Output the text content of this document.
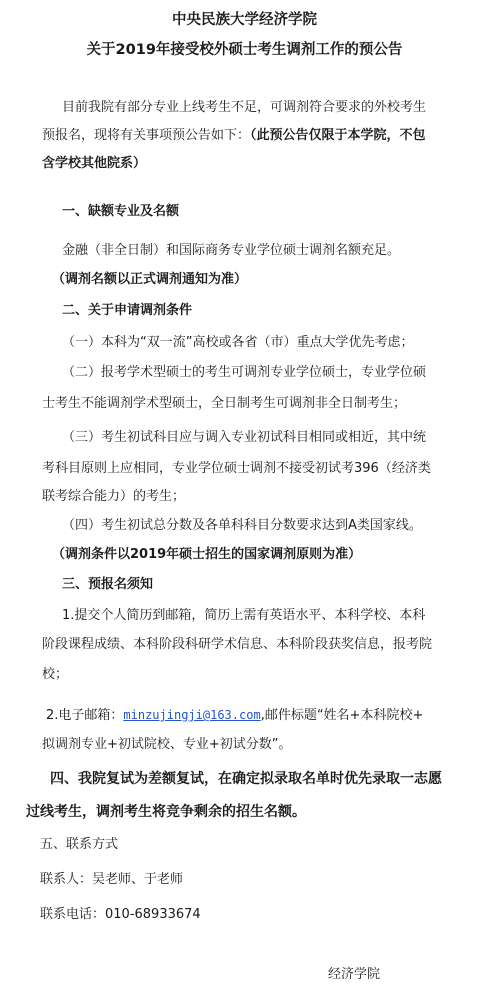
中央民族大学经济学院
关于2019年接受校外硕士考生调剂工作的预公告
目前我院有部分专业上线考生不足，可调剂符合要求的外校考生
预报名，现将有关事项预公告如下：（此预公告仅限于本学院，不包
含学校其他院系）
一、缺额专业及名额
金融（非全日制）和国际商务专业学位硕士调剂名额充足。
（调剂名额以正式调剂通知为准）
二、关于申请调剂条件
（一）本科为“双一流”高校或各省（市）重点大学优先考虑；
（二）报考学术型硕士的考生可调剂专业学位硕士，专业学位硕
士考生不能调剂学术型硕士，全日制考生可调剂非全日制考生；
（三）考生初试科目应与调入专业初试科目相同或相近，其中统
考科目原则上应相同，专业学位硕士调剂不接受初试考396（经济类
联考综合能力）的考生；
（四）考生初试总分数及各单科科目分数要求达到A类国家线。
（调剂条件以2019年硕士招生的国家调剂原则为准）
三、预报名须知
1.提交个人简历到邮箱，简历上需有英语水平、本科学校、本科
阶段课程成绩、本科阶段科研学术信息、本科阶段获奖信息，报考院
校；
2.电子邮箱：minzujingji@163.com,邮件标题“姓名+本科院校+
拟调剂专业+初试院校、专业+初试分数”。
四、我院复试为差额复试，在确定拟录取名单时优先录取一志愿
过线考生，调剂考生将竞争剩余的招生名额。
五、联系方式
联系人：吴老师、于老师
联系电话：010-68933674
经济学院
